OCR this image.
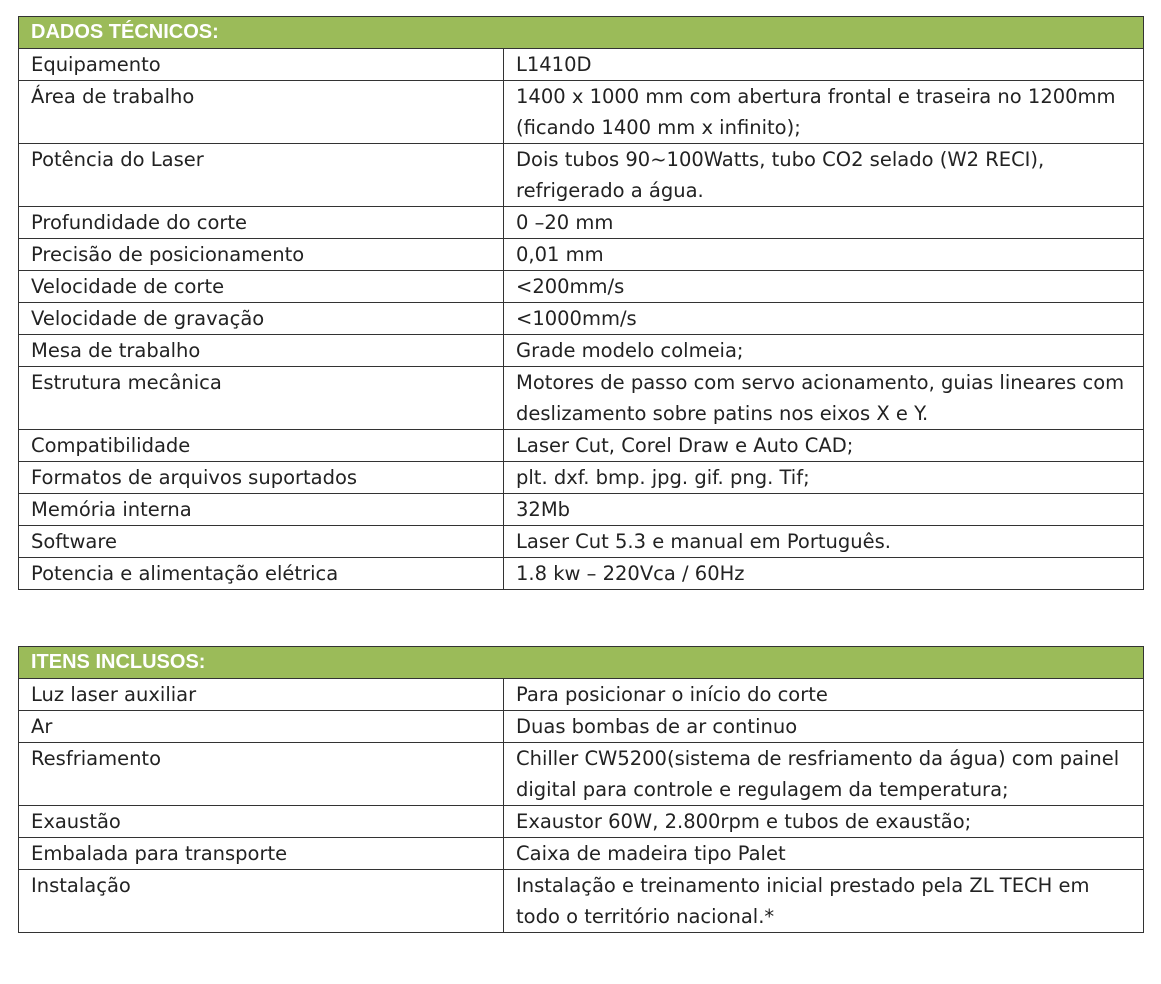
DADOS TÉCNICOS:	
Equipamento	L1410D
Área de trabalho	1400 x 1000 mm com abertura frontal e traseira no 1200mm (ficando 1400 mm x infinito);
Potência do Laser	Dois tubos 90~100Watts, tubo CO2 selado (W2 RECI), refrigerado a água.
Profundidade do corte	0 –20 mm
Precisão de posicionamento	0,01 mm
Velocidade de corte	<200mm/s
Velocidade de gravação	<1000mm/s
Mesa de trabalho	Grade modelo colmeia;
Estrutura mecânica	Motores de passo com servo acionamento, guias lineares com deslizamento sobre patins nos eixos X e Y.
Compatibilidade	Laser Cut, Corel Draw e Auto CAD;
Formatos de arquivos suportados	plt. dxf. bmp. jpg. gif. png. Tif;
Memória interna	32Mb
Software	Laser Cut 5.3 e manual em Português.
Potencia e alimentação elétrica	1.8 kw – 220Vca / 60Hz
ITENS INCLUSOS:	
Luz laser auxiliar	Para posicionar o início do corte
Ar	Duas bombas de ar continuo
Resfriamento	Chiller CW5200(sistema de resfriamento da água) com painel digital para controle e regulagem da temperatura;
Exaustão	Exaustor 60W, 2.800rpm e tubos de exaustão;
Embalada para transporte	Caixa de madeira tipo Palet
Instalação	Instalação e treinamento inicial prestado pela ZL TECH em todo o território nacional.*
